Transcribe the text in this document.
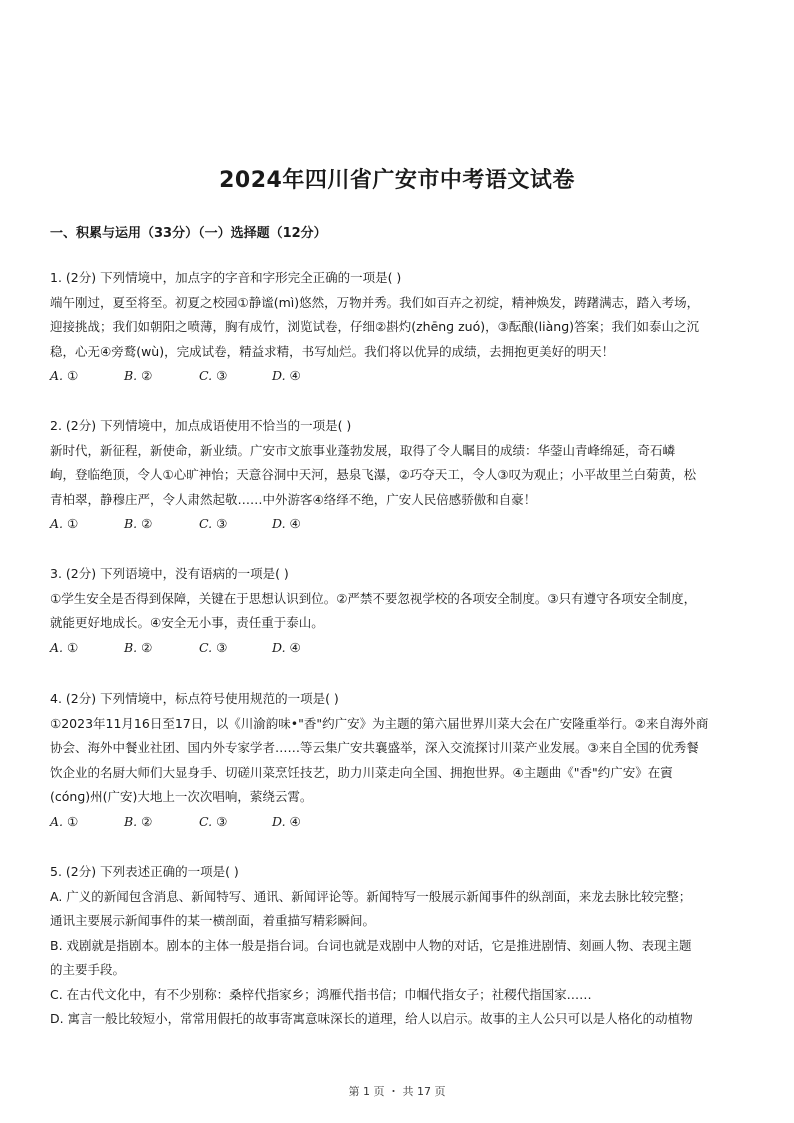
2024年四川省广安市中考语文试卷
一、积累与运用（33分）（一）选择题（12分）
1. (2分) 下列情境中，加点字的字音和字形完全正确的一项是( )
端午刚过，夏至将至。初夏之校园①静谧(mì)悠然，万物并秀。我们如百卉之初绽，精神焕发，踌躇满志，踏入考场，
迎接挑战；我们如朝阳之喷薄，胸有成竹，浏览试卷，仔细②斟灼(zhēnɡ zuó)，③酝酿(liànɡ)答案；我们如泰山之沉
稳，心无④旁鹜(wù)，完成试卷，精益求精，书写灿烂。我们将以优异的成绩，去拥抱更美好的明天！
A. ①	B. ②	C. ③	D. ④
2. (2分) 下列情境中，加点成语使用不恰当的一项是( )
新时代，新征程，新使命，新业绩。广安市文旅事业蓬勃发展，取得了令人瞩目的成绩：华蓥山青峰绵延，奇石嶙
峋，登临绝顶，令人①心旷神怡；天意谷洞中天河，悬泉飞瀑，②巧夺天工，令人③叹为观止；小平故里兰白菊黄，松
青柏翠，静穆庄严，令人肃然起敬……中外游客④络绎不绝，广安人民倍感骄傲和自豪！
A. ①	B. ②	C. ③	D. ④
3. (2分) 下列语境中，没有语病的一项是( )
①学生安全是否得到保障，关键在于思想认识到位。②严禁不要忽视学校的各项安全制度。③只有遵守各项安全制度，
就能更好地成长。④安全无小事，责任重于泰山。
A. ①	B. ②	C. ③	D. ④
4. (2分) 下列情境中，标点符号使用规范的一项是( )
①2023年11月16日至17日，以《川渝韵味•"香"约广安》为主题的第六届世界川菜大会在广安隆重举行。②来自海外商
协会、海外中餐业社团、国内外专家学者……等云集广安共襄盛举，深入交流探讨川菜产业发展。③来自全国的优秀餐
饮企业的名厨大师们大显身手、切磋川菜烹饪技艺，助力川菜走向全国、拥抱世界。④主题曲《"香"约广安》在賨
(cónɡ)州(广安)大地上一次次唱响，萦绕云霄。
A. ①	B. ②	C. ③	D. ④
5. (2分) 下列表述正确的一项是( )
A. 广义的新闻包含消息、新闻特写、通讯、新闻评论等。新闻特写一般展示新闻事件的纵剖面，来龙去脉比较完整；
通讯主要展示新闻事件的某一横剖面，着重描写精彩瞬间。
B. 戏剧就是指剧本。剧本的主体一般是指台词。台词也就是戏剧中人物的对话，它是推进剧情、刻画人物、表现主题
的主要手段。
C. 在古代文化中，有不少别称：桑梓代指家乡；鸿雁代指书信；巾帼代指女子；社稷代指国家……
D. 寓言一般比较短小，常常用假托的故事寄寓意味深长的道理，给人以启示。故事的主人公只可以是人格化的动植物
第 1 页 ・ 共 17 页
